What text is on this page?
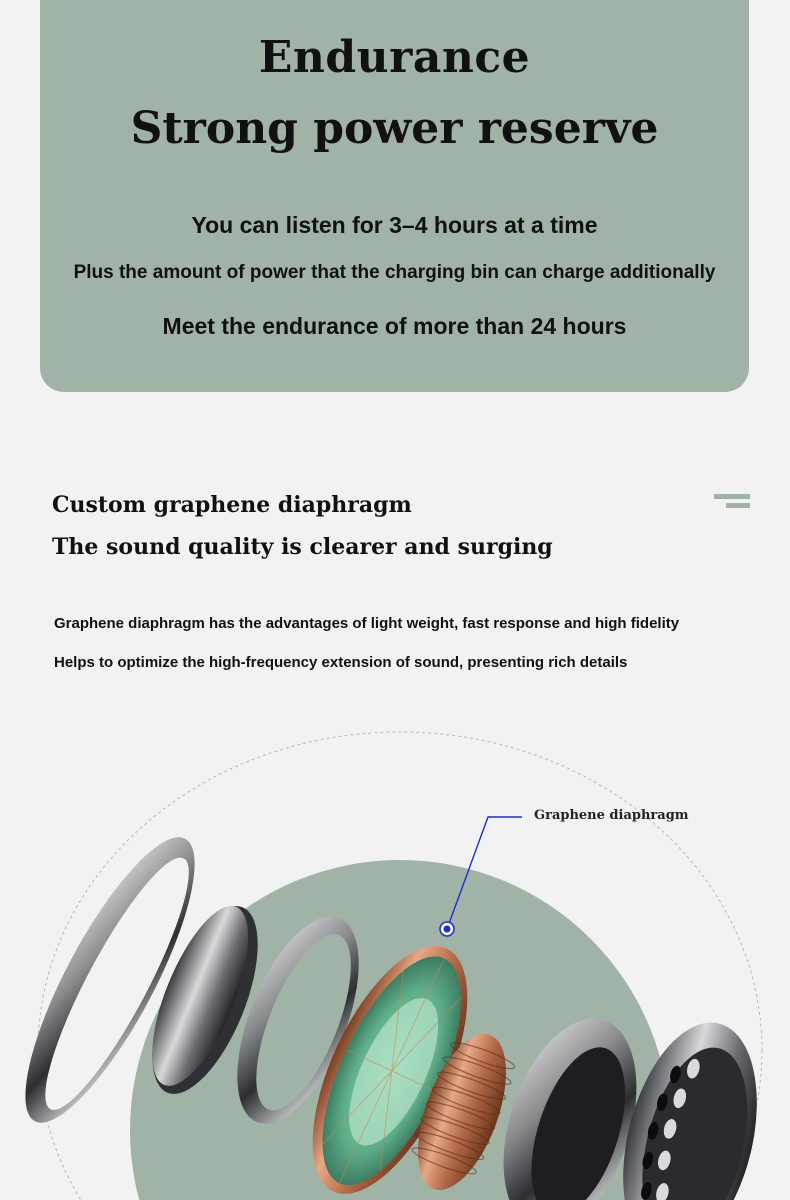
Endurance
Strong power reserve
You can listen for 3–4 hours at a time
Plus the amount of power that the charging bin can charge additionally
Meet the endurance of more than 24 hours
Custom graphene diaphragm
The sound quality is clearer and surging
Graphene diaphragm has the advantages of light weight, fast response and high fidelity
Helps to optimize the high-frequency extension of sound, presenting rich details
Graphene diaphragm
